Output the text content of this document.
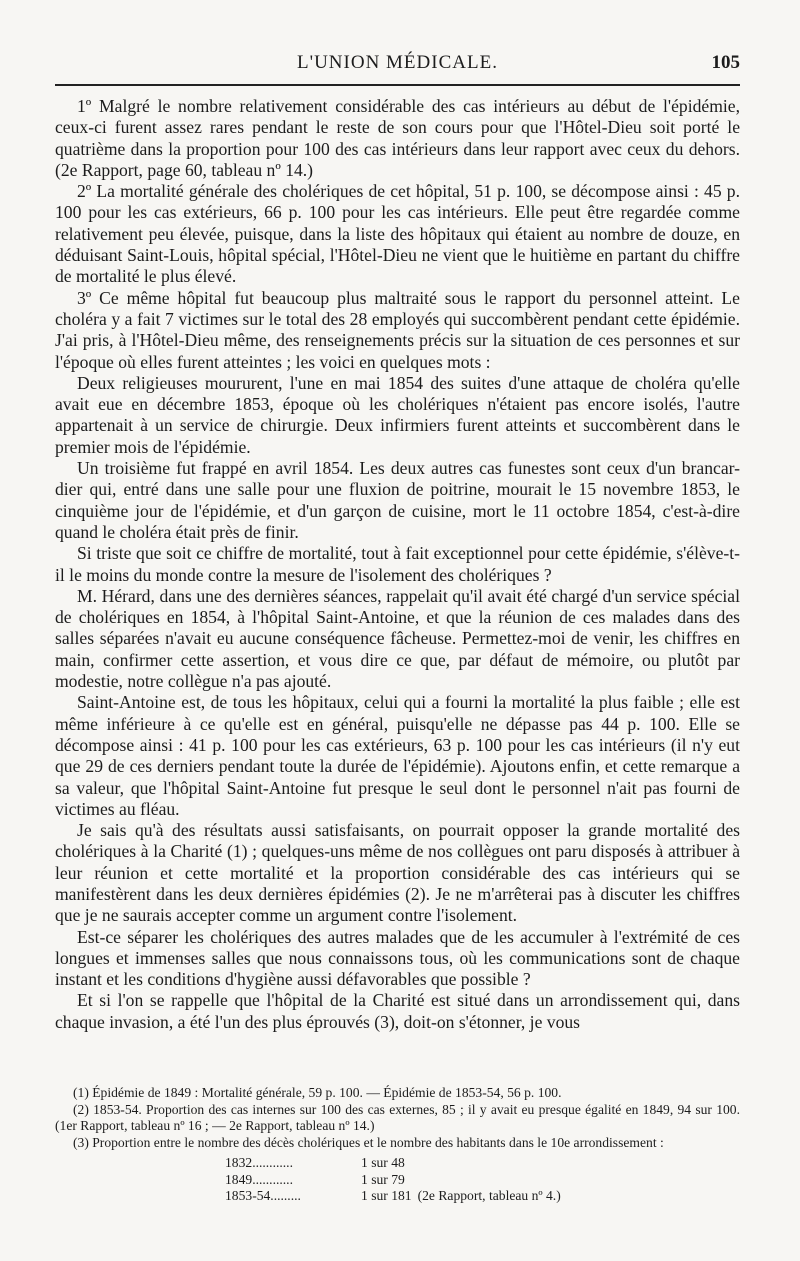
L'UNION MÉDICALE.	105

1º Malgré le nombre relativement considérable des cas intérieurs au début de l'épidémie, ceux-ci furent assez rares pendant le reste de son cours pour que l'Hôtel-Dieu soit porté le quatrième dans la proportion pour 100 des cas intérieurs dans leur rapport avec ceux du dehors. (2e Rapport, page 60, tableau nº 14.)

2º La mortalité générale des cholériques de cet hôpital, 51 p. 100, se décompose ainsi : 45 p. 100 pour les cas extérieurs, 66 p. 100 pour les cas intérieurs. Elle peut être regardée comme relativement peu élevée, puisque, dans la liste des hôpitaux qui étaient au nombre de douze, en déduisant Saint-Louis, hôpital spécial, l'Hôtel-Dieu ne vient que le huitième en partant du chiffre de mortalité le plus élevé.

3º Ce même hôpital fut beaucoup plus maltraité sous le rapport du personnel atteint. Le choléra y a fait 7 victimes sur le total des 28 employés qui succombèrent pendant cette épidémie. J'ai pris, à l'Hôtel-Dieu même, des renseignements précis sur la situation de ces personnes et sur l'époque où elles furent atteintes ; les voici en quelques mots :

Deux religieuses moururent, l'une en mai 1854 des suites d'une attaque de choléra qu'elle avait eue en décembre 1853, époque où les cholériques n'étaient pas encore isolés, l'autre appartenait à un service de chirurgie. Deux infirmiers furent atteints et succombèrent dans le premier mois de l'épidémie.

Un troisième fut frappé en avril 1854. Les deux autres cas funestes sont ceux d'un brancar-dier qui, entré dans une salle pour une fluxion de poitrine, mourait le 15 novembre 1853, le cinquième jour de l'épidémie, et d'un garçon de cuisine, mort le 11 octobre 1854, c'est-à-dire quand le choléra était près de finir.

Si triste que soit ce chiffre de mortalité, tout à fait exceptionnel pour cette épidémie, s'élève-t-il le moins du monde contre la mesure de l'isolement des cholériques ?

M. Hérard, dans une des dernières séances, rappelait qu'il avait été chargé d'un service spécial de cholériques en 1854, à l'hôpital Saint-Antoine, et que la réunion de ces malades dans des salles séparées n'avait eu aucune conséquence fâcheuse. Permettez-moi de venir, les chiffres en main, confirmer cette assertion, et vous dire ce que, par défaut de mémoire, ou plutôt par modestie, notre collègue n'a pas ajouté.

Saint-Antoine est, de tous les hôpitaux, celui qui a fourni la mortalité la plus faible ; elle est même inférieure à ce qu'elle est en général, puisqu'elle ne dépasse pas 44 p. 100. Elle se décompose ainsi : 41 p. 100 pour les cas extérieurs, 63 p. 100 pour les cas intérieurs (il n'y eut que 29 de ces derniers pendant toute la durée de l'épidémie). Ajoutons enfin, et cette remarque a sa valeur, que l'hôpital Saint-Antoine fut presque le seul dont le personnel n'ait pas fourni de victimes au fléau.

Je sais qu'à des résultats aussi satisfaisants, on pourrait opposer la grande mortalité des cholériques à la Charité (1) ; quelques-uns même de nos collègues ont paru disposés à attribuer à leur réunion et cette mortalité et la proportion considérable des cas intérieurs qui se manifestèrent dans les deux dernières épidémies (2). Je ne m'arrêterai pas à discuter les chiffres que je ne saurais accepter comme un argument contre l'isolement.

Est-ce séparer les cholériques des autres malades que de les accumuler à l'extrémité de ces longues et immenses salles que nous connaissons tous, où les communications sont de chaque instant et les conditions d'hygiène aussi défavorables que possible ?

Et si l'on se rappelle que l'hôpital de la Charité est situé dans un arrondissement qui, dans chaque invasion, a été l'un des plus éprouvés (3), doit-on s'étonner, je vous

(1) Épidémie de 1849 : Mortalité générale, 59 p. 100. — Épidémie de 1853-54, 56 p. 100.

(2) 1853-54. Proportion des cas internes sur 100 des cas externes, 85 ; il y avait eu presque égalité en 1849, 94 sur 100. (1er Rapport, tableau nº 16 ; — 2e Rapport, tableau nº 14.)

(3) Proportion entre le nombre des décès cholériques et le nombre des habitants dans le 10e arrondissement :

1832............	1 sur 48	
1849............	1 sur 79	
1853-54.........	1 sur 181	(2e Rapport, tableau nº 4.)
